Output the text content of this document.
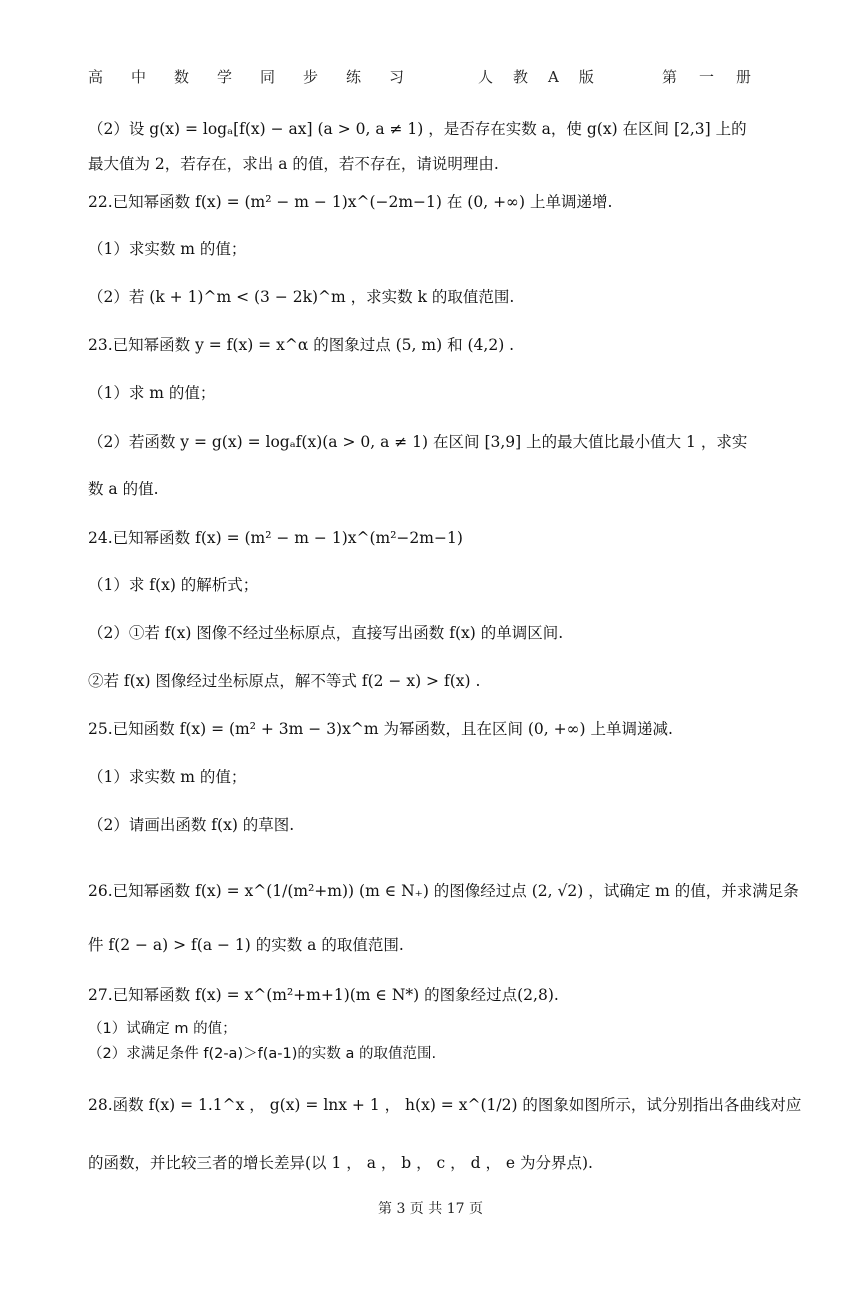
高中数学同步练习	人教A版	第一册
（2）设 g(x) = logₐ[f(x) − ax] (a > 0, a ≠ 1) ，是否存在实数 a，使 g(x) 在区间 [2,3] 上的
最大值为 2，若存在，求出 a 的值，若不存在，请说明理由.
22.已知幂函数 f(x) = (m² − m − 1)x^(−2m−1) 在 (0, +∞) 上单调递增.
（1）求实数 m 的值；
（2）若 (k + 1)^m < (3 − 2k)^m ，求实数 k 的取值范围.
23.已知幂函数 y = f(x) = x^α 的图象过点 (5, m) 和 (4,2) .
（1）求 m 的值；
（2）若函数 y = g(x) = logₐf(x)(a > 0, a ≠ 1) 在区间 [3,9] 上的最大值比最小值大 1 ，求实
数 a 的值.
24.已知幂函数 f(x) = (m² − m − 1)x^(m²−2m−1)
（1）求 f(x) 的解析式；
（2）①若 f(x) 图像不经过坐标原点，直接写出函数 f(x) 的单调区间.
②若 f(x) 图像经过坐标原点，解不等式 f(2 − x) > f(x) .
25.已知函数 f(x) = (m² + 3m − 3)x^m 为幂函数，且在区间 (0, +∞) 上单调递减.
（1）求实数 m 的值；
（2）请画出函数 f(x) 的草图.
26.已知幂函数 f(x) = x^(1/(m²+m)) (m ∈ N₊) 的图像经过点 (2, √2) ，试确定 m 的值，并求满足条
件 f(2 − a) > f(a − 1) 的实数 a 的取值范围.
27.已知幂函数 f(x) = x^(m²+m+1)(m ∈ N*) 的图象经过点(2,8).
（1）试确定 m 的值；
（2）求满足条件 f(2-a)＞f(a-1)的实数 a 的取值范围.
28.函数 f(x) = 1.1^x ， g(x) = lnx + 1 ， h(x) = x^(1/2) 的图象如图所示，试分别指出各曲线对应
的函数，并比较三者的增长差异(以 1 ， a ， b ， c ， d ， e 为分界点).
第 3 页 共 17 页
